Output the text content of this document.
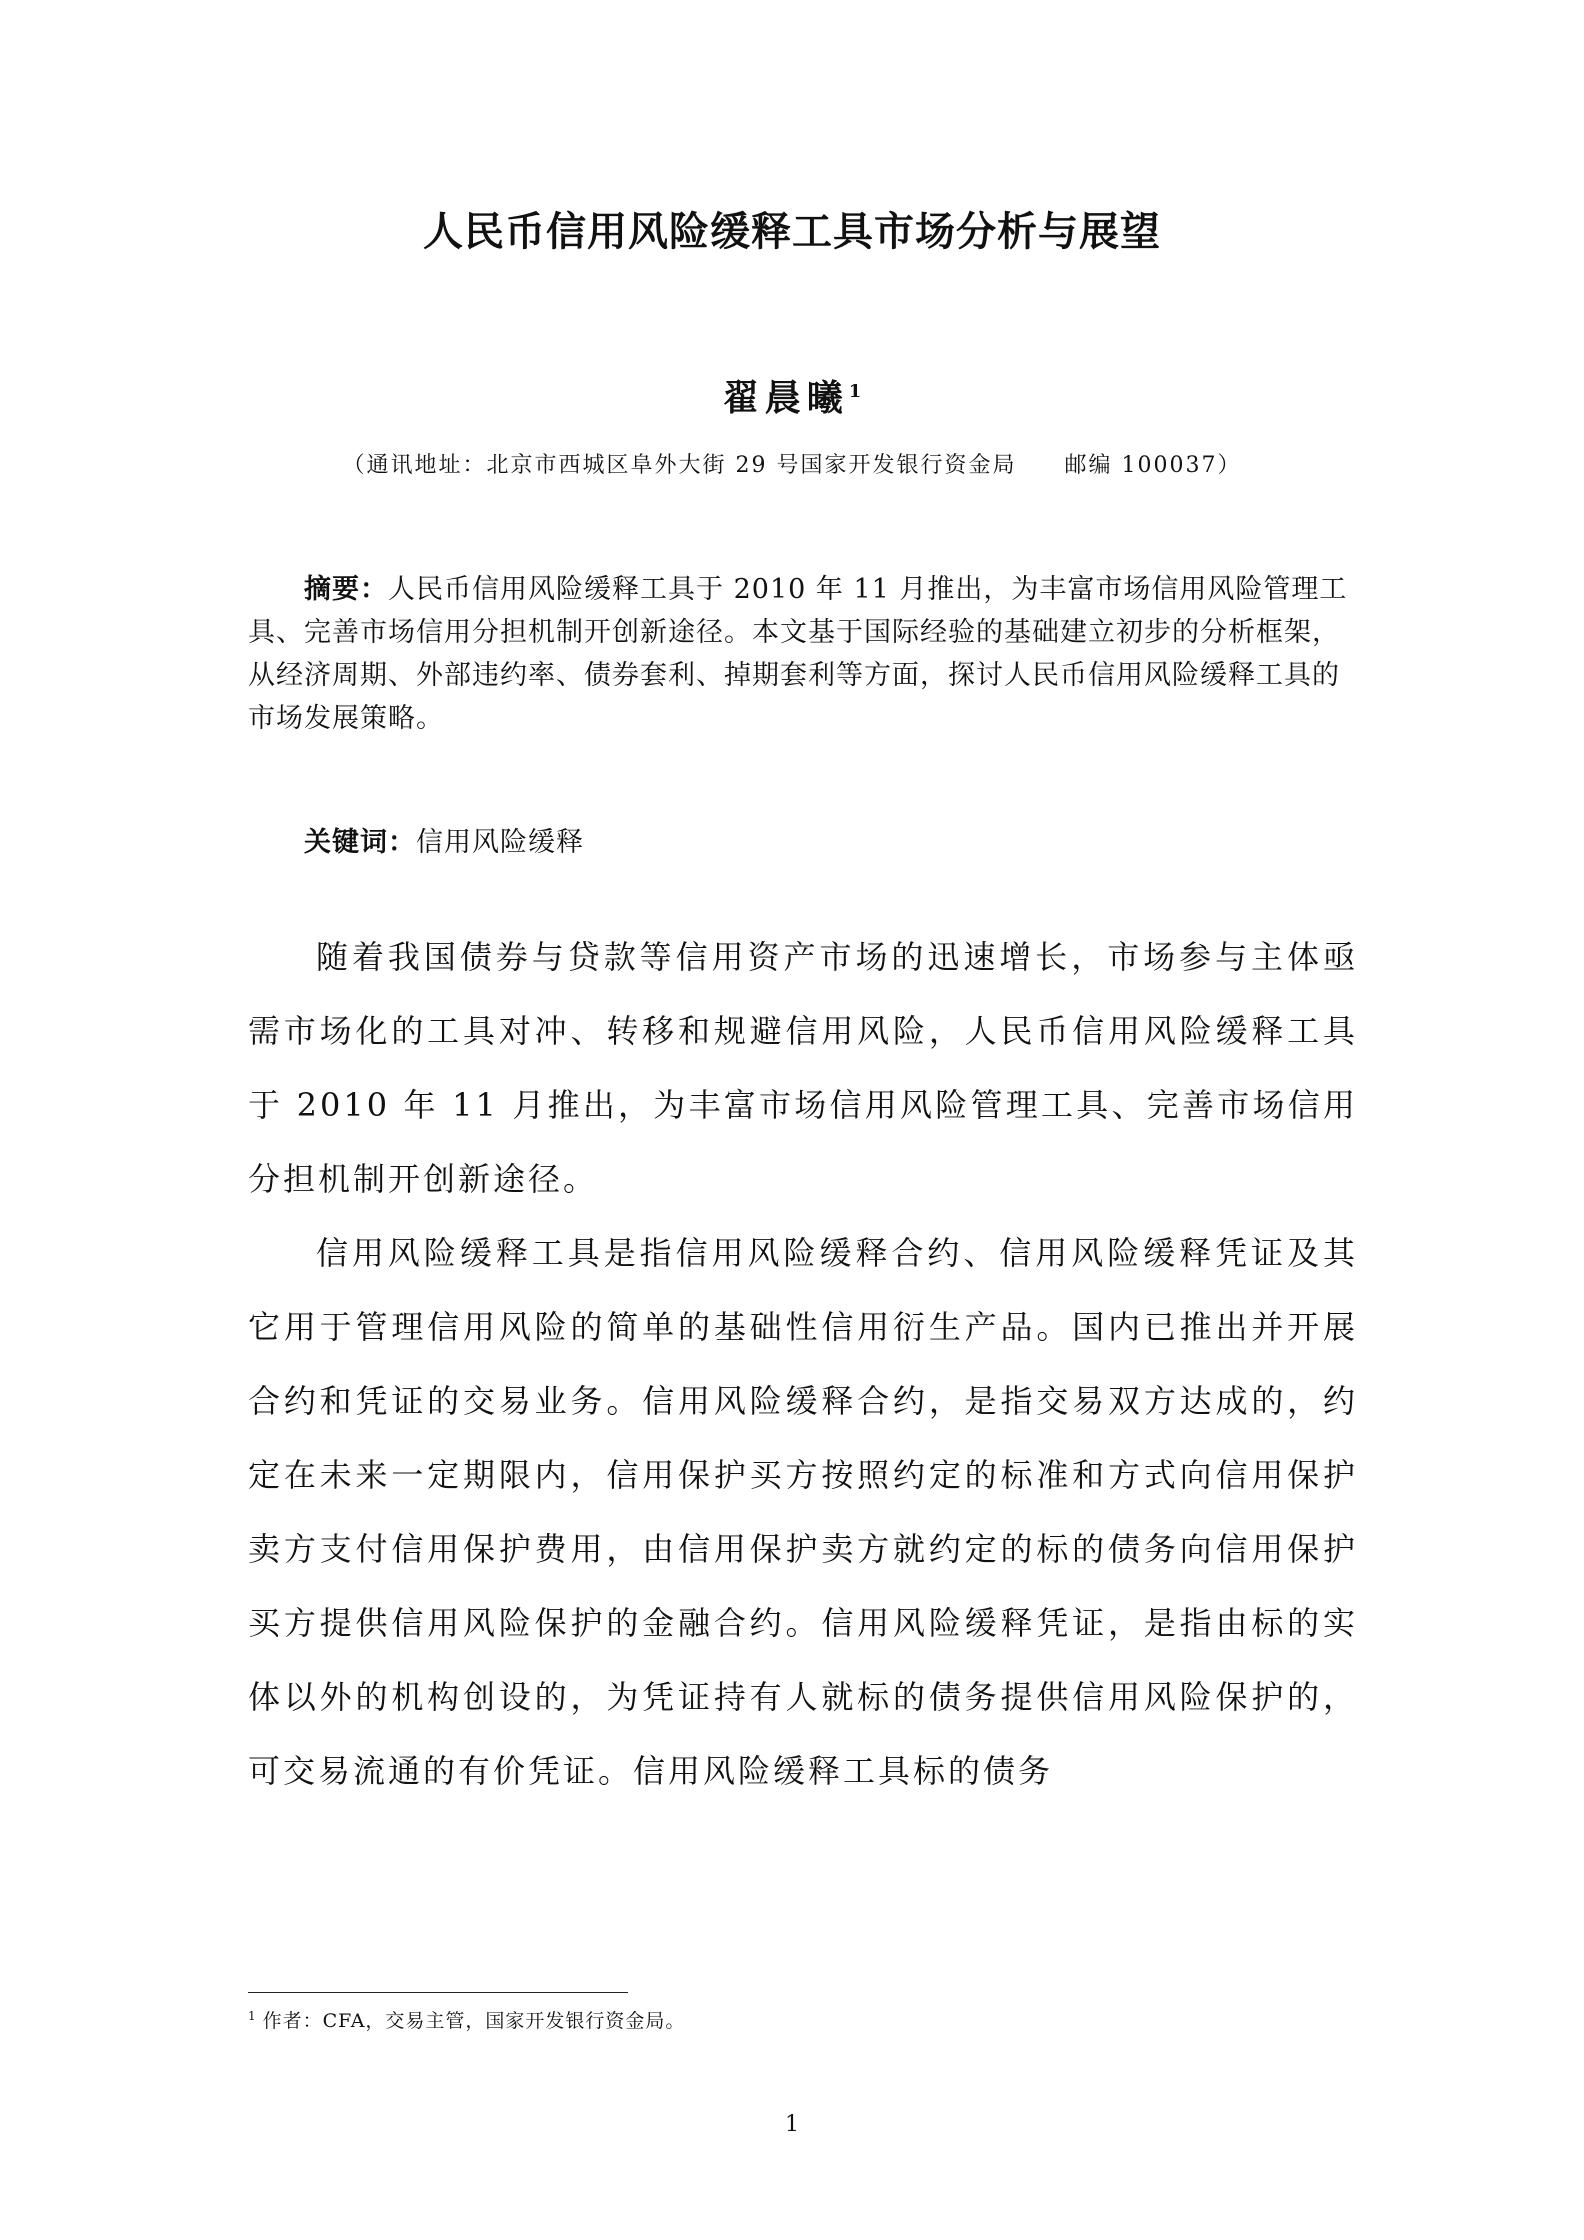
人民币信用风险缓释工具市场分析与展望
翟晨曦$^1$
（通讯地址：北京市西城区阜外大街 29 号国家开发银行资金局　　邮编 100037）

摘要：人民币信用风险缓释工具于 2010 年 11 月推出，为丰富市场信用风险管理工具、完善市场信用分担机制开创新途径。本文基于国际经验的基础建立初步的分析框架，从经济周期、外部违约率、债券套利、掉期套利等方面，探讨人民币信用风险缓释工具的市场发展策略。

关键词：信用风险缓释

随着我国债券与贷款等信用资产市场的迅速增长，市场参与主体亟需市场化的工具对冲、转移和规避信用风险，人民币信用风险缓释工具于 2010 年 11 月推出，为丰富市场信用风险管理工具、完善市场信用分担机制开创新途径。

信用风险缓释工具是指信用风险缓释合约、信用风险缓释凭证及其它用于管理信用风险的简单的基础性信用衍生产品。国内已推出并开展合约和凭证的交易业务。信用风险缓释合约，是指交易双方达成的，约定在未来一定期限内，信用保护买方按照约定的标准和方式向信用保护卖方支付信用保护费用，由信用保护卖方就约定的标的债务向信用保护买方提供信用风险保护的金融合约。信用风险缓释凭证，是指由标的实体以外的机构创设的，为凭证持有人就标的债务提供信用风险保护的，可交易流通的有价凭证。信用风险缓释工具标的债务

$^1$ 作者：CFA，交易主管，国家开发银行资金局。
1
